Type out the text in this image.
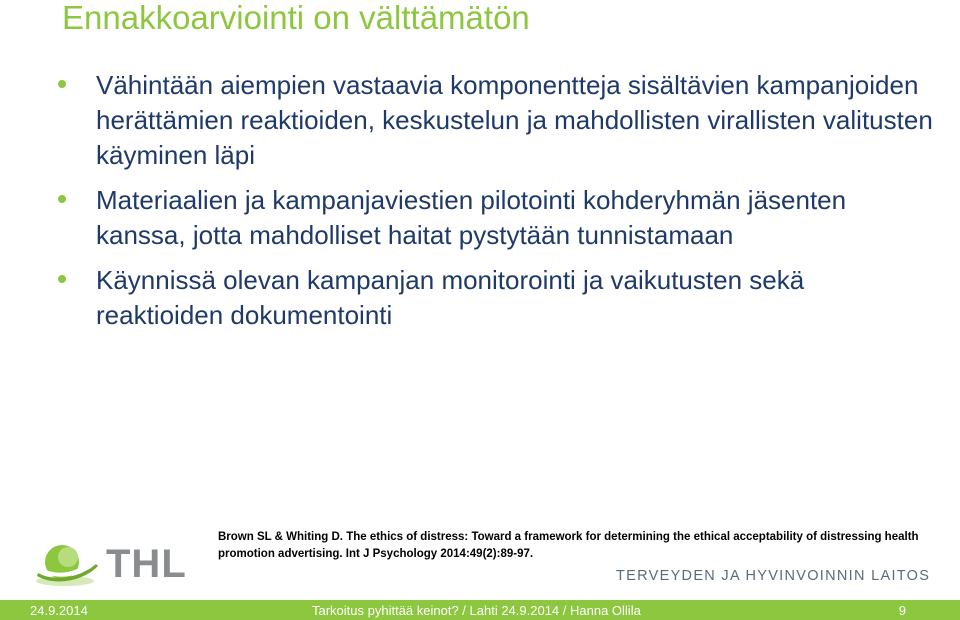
Ennakkoarviointi on välttämätön
Vähintään aiempien vastaavia komponentteja sisältävien kampanjoiden herättämien reaktioiden, keskustelun ja mahdollisten virallisten valitusten käyminen läpi
Materiaalien ja kampanjaviestien pilotointi kohderyhmän jäsenten kanssa, jotta mahdolliset haitat pystytään tunnistamaan
Käynnissä olevan kampanjan monitorointi ja vaikutusten sekä reaktioiden dokumentointi
Brown SL & Whiting D. The ethics of distress: Toward a framework for determining the ethical acceptability of distressing health promotion advertising. Int J Psychology 2014:49(2):89-97.
THL	TERVEYDEN JA HYVINVOINNIN LAITOS
24.9.2014	Tarkoitus pyhittää keinot? / Lahti 24.9.2014 / Hanna Ollila	9
